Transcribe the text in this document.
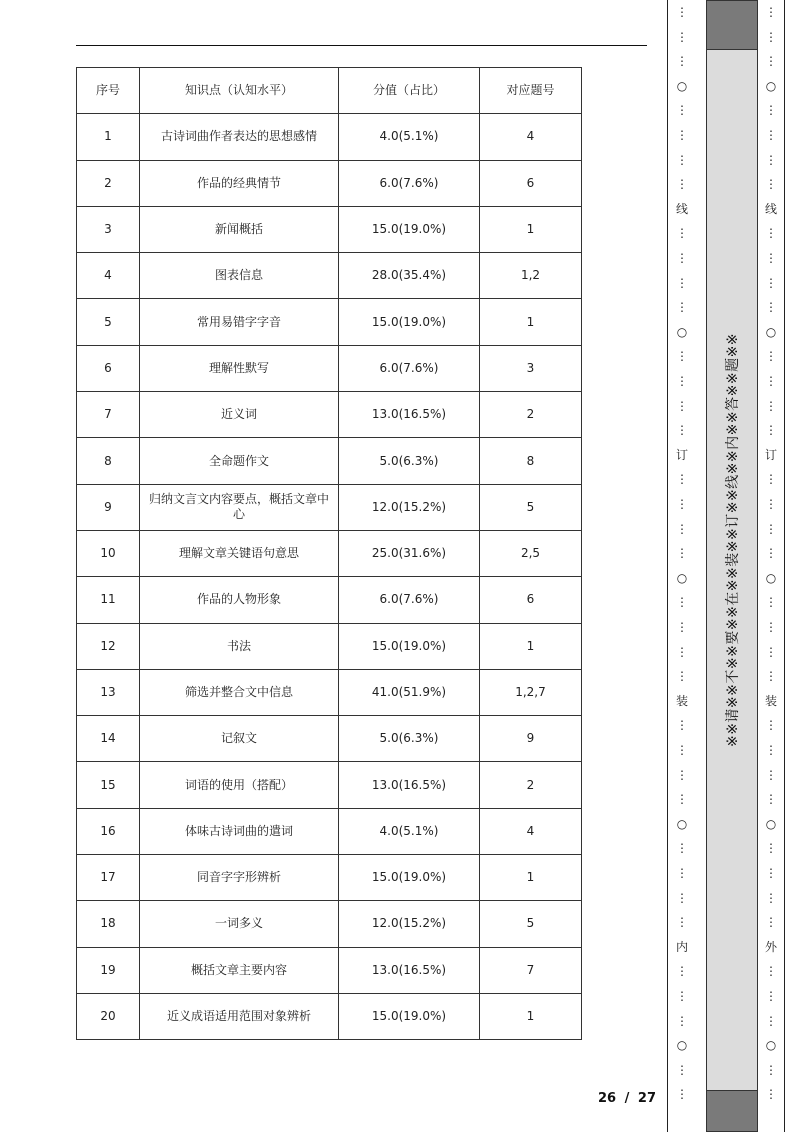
序号	知识点（认知水平）	分值（占比）	对应题号
1	古诗词曲作者表达的思想感情	4.0(5.1%)	4
2	作品的经典情节	6.0(7.6%)	6
3	新闻概括	15.0(19.0%)	1
4	图表信息	28.0(35.4%)	1,2
5	常用易错字字音	15.0(19.0%)	1
6	理解性默写	6.0(7.6%)	3
7	近义词	13.0(16.5%)	2
8	全命题作文	5.0(6.3%)	8
9	归纳文言文内容要点，概括文章中心	12.0(15.2%)	5
10	理解文章关键语句意思	25.0(31.6%)	2,5
11	作品的人物形象	6.0(7.6%)	6
12	书法	15.0(19.0%)	1
13	筛选并整合文中信息	41.0(51.9%)	1,2,7
14	记叙文	5.0(6.3%)	9
15	词语的使用（搭配）	13.0(16.5%)	2
16	体味古诗词曲的遣词	4.0(5.1%)	4
17	同音字字形辨析	15.0(19.0%)	1
18	一词多义	12.0(15.2%)	5
19	概括文章主要内容	13.0(16.5%)	7
20	近义成语适用范围对象辨析	15.0(19.0%)	1
26 / 27
⋮
⋮
⋮
○
⋮
⋮
⋮
⋮
线
⋮
⋮
⋮
⋮
○
⋮
⋮
⋮
⋮
订
⋮
⋮
⋮
⋮
○
⋮
⋮
⋮
⋮
装
⋮
⋮
⋮
⋮
○
⋮
⋮
⋮
⋮
内
⋮
⋮
⋮
○
⋮
⋮
※※请※※不※※要※※在※※装※※订※※线※※内※※答※※题※※
⋮
⋮
⋮
○
⋮
⋮
⋮
⋮
线
⋮
⋮
⋮
⋮
○
⋮
⋮
⋮
⋮
订
⋮
⋮
⋮
⋮
○
⋮
⋮
⋮
⋮
装
⋮
⋮
⋮
⋮
○
⋮
⋮
⋮
⋮
外
⋮
⋮
⋮
○
⋮
⋮
